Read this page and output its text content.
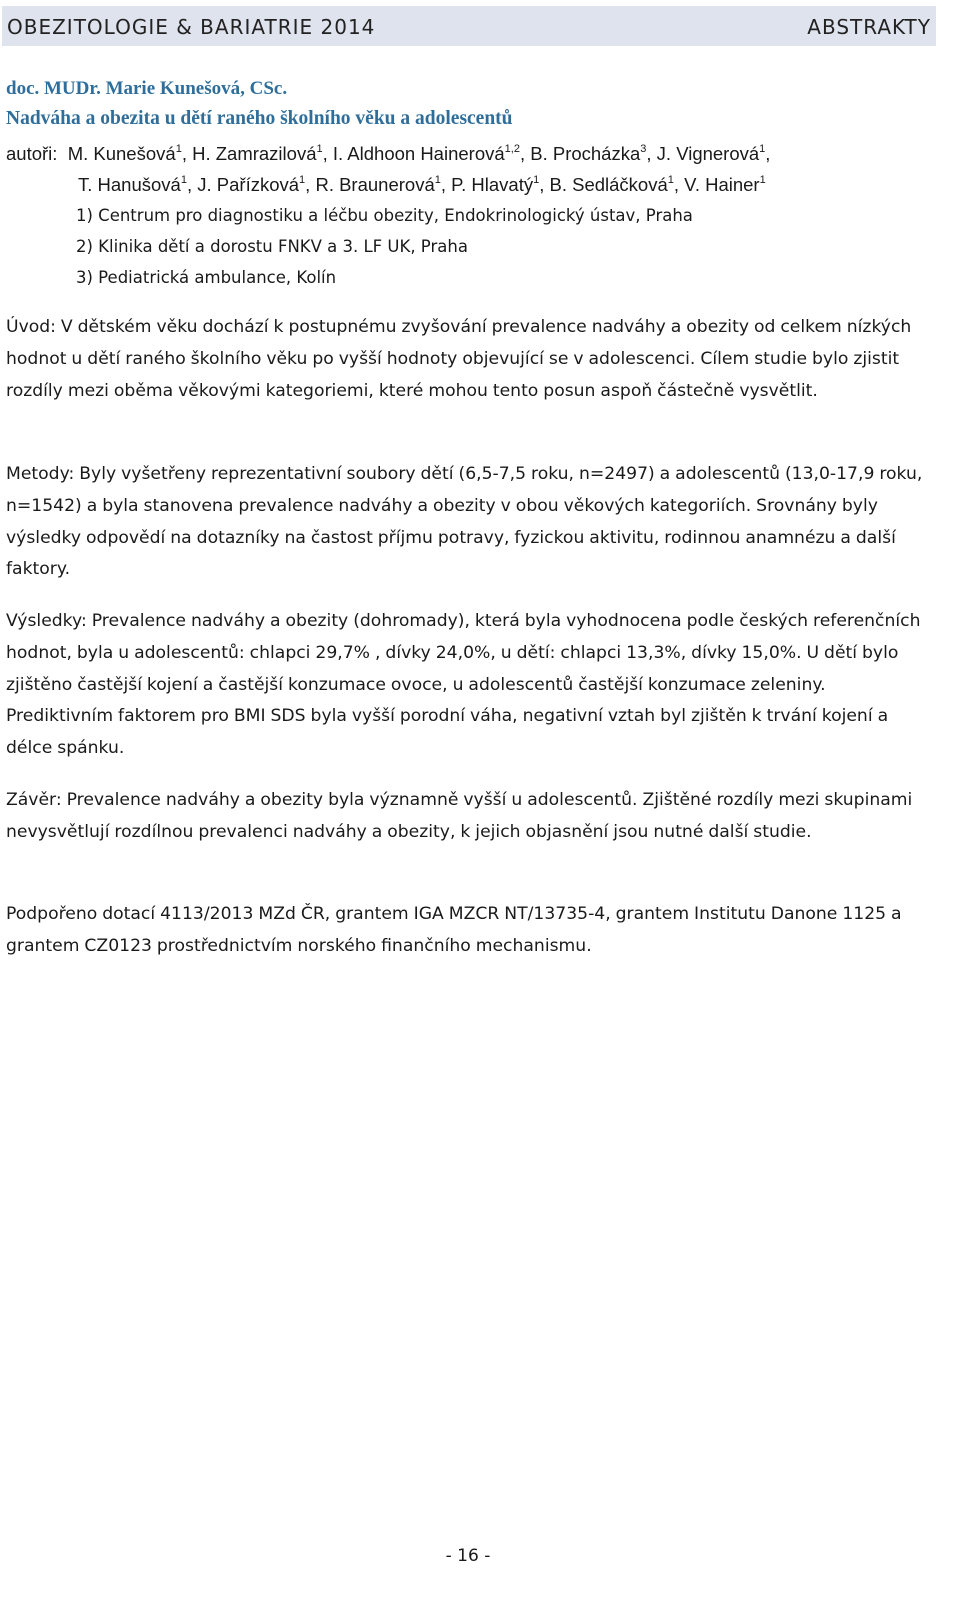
OBEZITOLOGIE & BARIATRIE 2014	ABSTRAKTY
doc. MUDr. Marie Kunešová, CSc.
Nadváha a obezita u dětí raného školního věku a adolescentů
autoři: M. Kunešová$^1$, H. Zamrazilová$^1$, I. Aldhoon Hainerová$^{1,2}$, B. Procházka$^3$, J. Vignerová$^1$,
T. Hanušová$^1$, J. Pařízková$^1$, R. Braunerová$^1$, P. Hlavatý$^1$, B. Sedláčková$^1$, V. Hainer$^1$
1) Centrum pro diagnostiku a léčbu obezity, Endokrinologický ústav, Praha
2) Klinika dětí a dorostu FNKV a 3. LF UK, Praha
3) Pediatrická ambulance, Kolín
Úvod: V dětském věku dochází k postupnému zvyšování prevalence nadváhy a obezity od celkem nízkých hodnot u dětí raného školního věku po vyšší hodnoty objevující se v adolescenci. Cílem studie bylo zjistit rozdíly mezi oběma věkovými kategoriemi, které mohou tento posun aspoň částečně vysvětlit.
Metody: Byly vyšetřeny reprezentativní soubory dětí (6,5-7,5 roku, n=2497) a adolescentů (13,0-17,9 roku, n=1542) a byla stanovena prevalence nadváhy a obezity v obou věkových kategoriích. Srovnány byly výsledky odpovědí na dotazníky na častost příjmu potravy, fyzickou aktivitu, rodinnou anamnézu a další faktory.
Výsledky: Prevalence nadváhy a obezity (dohromady), která byla vyhodnocena podle českých referenčních hodnot, byla u adolescentů: chlapci 29,7% , dívky 24,0%, u dětí: chlapci 13,3%, dívky 15,0%. U dětí bylo zjištěno častější kojení a častější konzumace ovoce, u adolescentů častější konzumace zeleniny. Prediktivním faktorem pro BMI SDS byla vyšší porodní váha, negativní vztah byl zjištěn k trvání kojení a délce spánku.
Závěr: Prevalence nadváhy a obezity byla významně vyšší u adolescentů. Zjištěné rozdíly mezi skupinami nevysvětlují rozdílnou prevalenci nadváhy a obezity, k jejich objasnění jsou nutné další studie.
Podpořeno dotací 4113/2013 MZd ČR, grantem IGA MZCR NT/13735-4, grantem Institutu Danone 1125 a grantem CZ0123 prostřednictvím norského finančního mechanismu.
- 16 -
